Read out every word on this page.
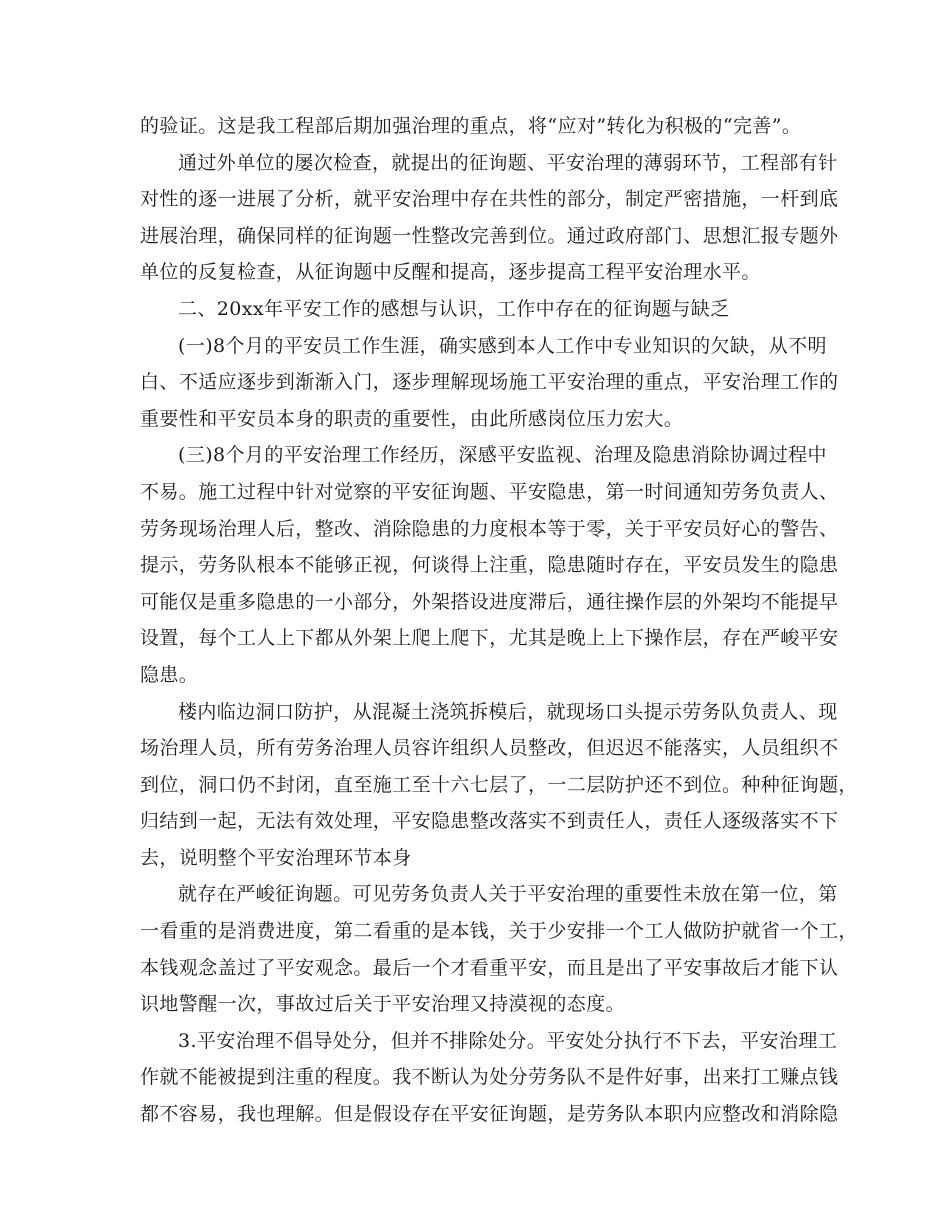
的验证。这是我工程部后期加强治理的重点，将“应对”转化为积极的“完善”。
通过外单位的屡次检查，就提出的征询题、平安治理的薄弱环节，工程部有针
对性的逐一进展了分析，就平安治理中存在共性的部分，制定严密措施，一杆到底
进展治理，确保同样的征询题一性整改完善到位。通过政府部门、思想汇报专题外
单位的反复检查，从征询题中反醒和提高，逐步提高工程平安治理水平。
二、20xx年平安工作的感想与认识，工作中存在的征询题与缺乏
(一)8个月的平安员工作生涯，确实感到本人工作中专业知识的欠缺，从不明
白、不适应逐步到渐渐入门，逐步理解现场施工平安治理的重点，平安治理工作的
重要性和平安员本身的职责的重要性，由此所感岗位压力宏大。
(三)8个月的平安治理工作经历，深感平安监视、治理及隐患消除协调过程中
不易。施工过程中针对觉察的平安征询题、平安隐患，第一时间通知劳务负责人、
劳务现场治理人后，整改、消除隐患的力度根本等于零，关于平安员好心的警告、
提示，劳务队根本不能够正视，何谈得上注重，隐患随时存在，平安员发生的隐患
可能仅是重多隐患的一小部分，外架搭设进度滞后，通往操作层的外架均不能提早
设置，每个工人上下都从外架上爬上爬下，尤其是晚上上下操作层，存在严峻平安
隐患。
楼内临边洞口防护，从混凝土浇筑拆模后，就现场口头提示劳务队负责人、现
场治理人员，所有劳务治理人员容许组织人员整改，但迟迟不能落实，人员组织不
到位，洞口仍不封闭，直至施工至十六七层了，一二层防护还不到位。种种征询题，
归结到一起，无法有效处理，平安隐患整改落实不到责任人，责任人逐级落实不下
去，说明整个平安治理环节本身
就存在严峻征询题。可见劳务负责人关于平安治理的重要性未放在第一位，第
一看重的是消费进度，第二看重的是本钱，关于少安排一个工人做防护就省一个工，
本钱观念盖过了平安观念。最后一个才看重平安，而且是出了平安事故后才能下认
识地警醒一次，事故过后关于平安治理又持漠视的态度。
3.平安治理不倡导处分，但并不排除处分。平安处分执行不下去，平安治理工
作就不能被提到注重的程度。我不断认为处分劳务队不是件好事，出来打工赚点钱
都不容易，我也理解。但是假设存在平安征询题，是劳务队本职内应整改和消除隐
